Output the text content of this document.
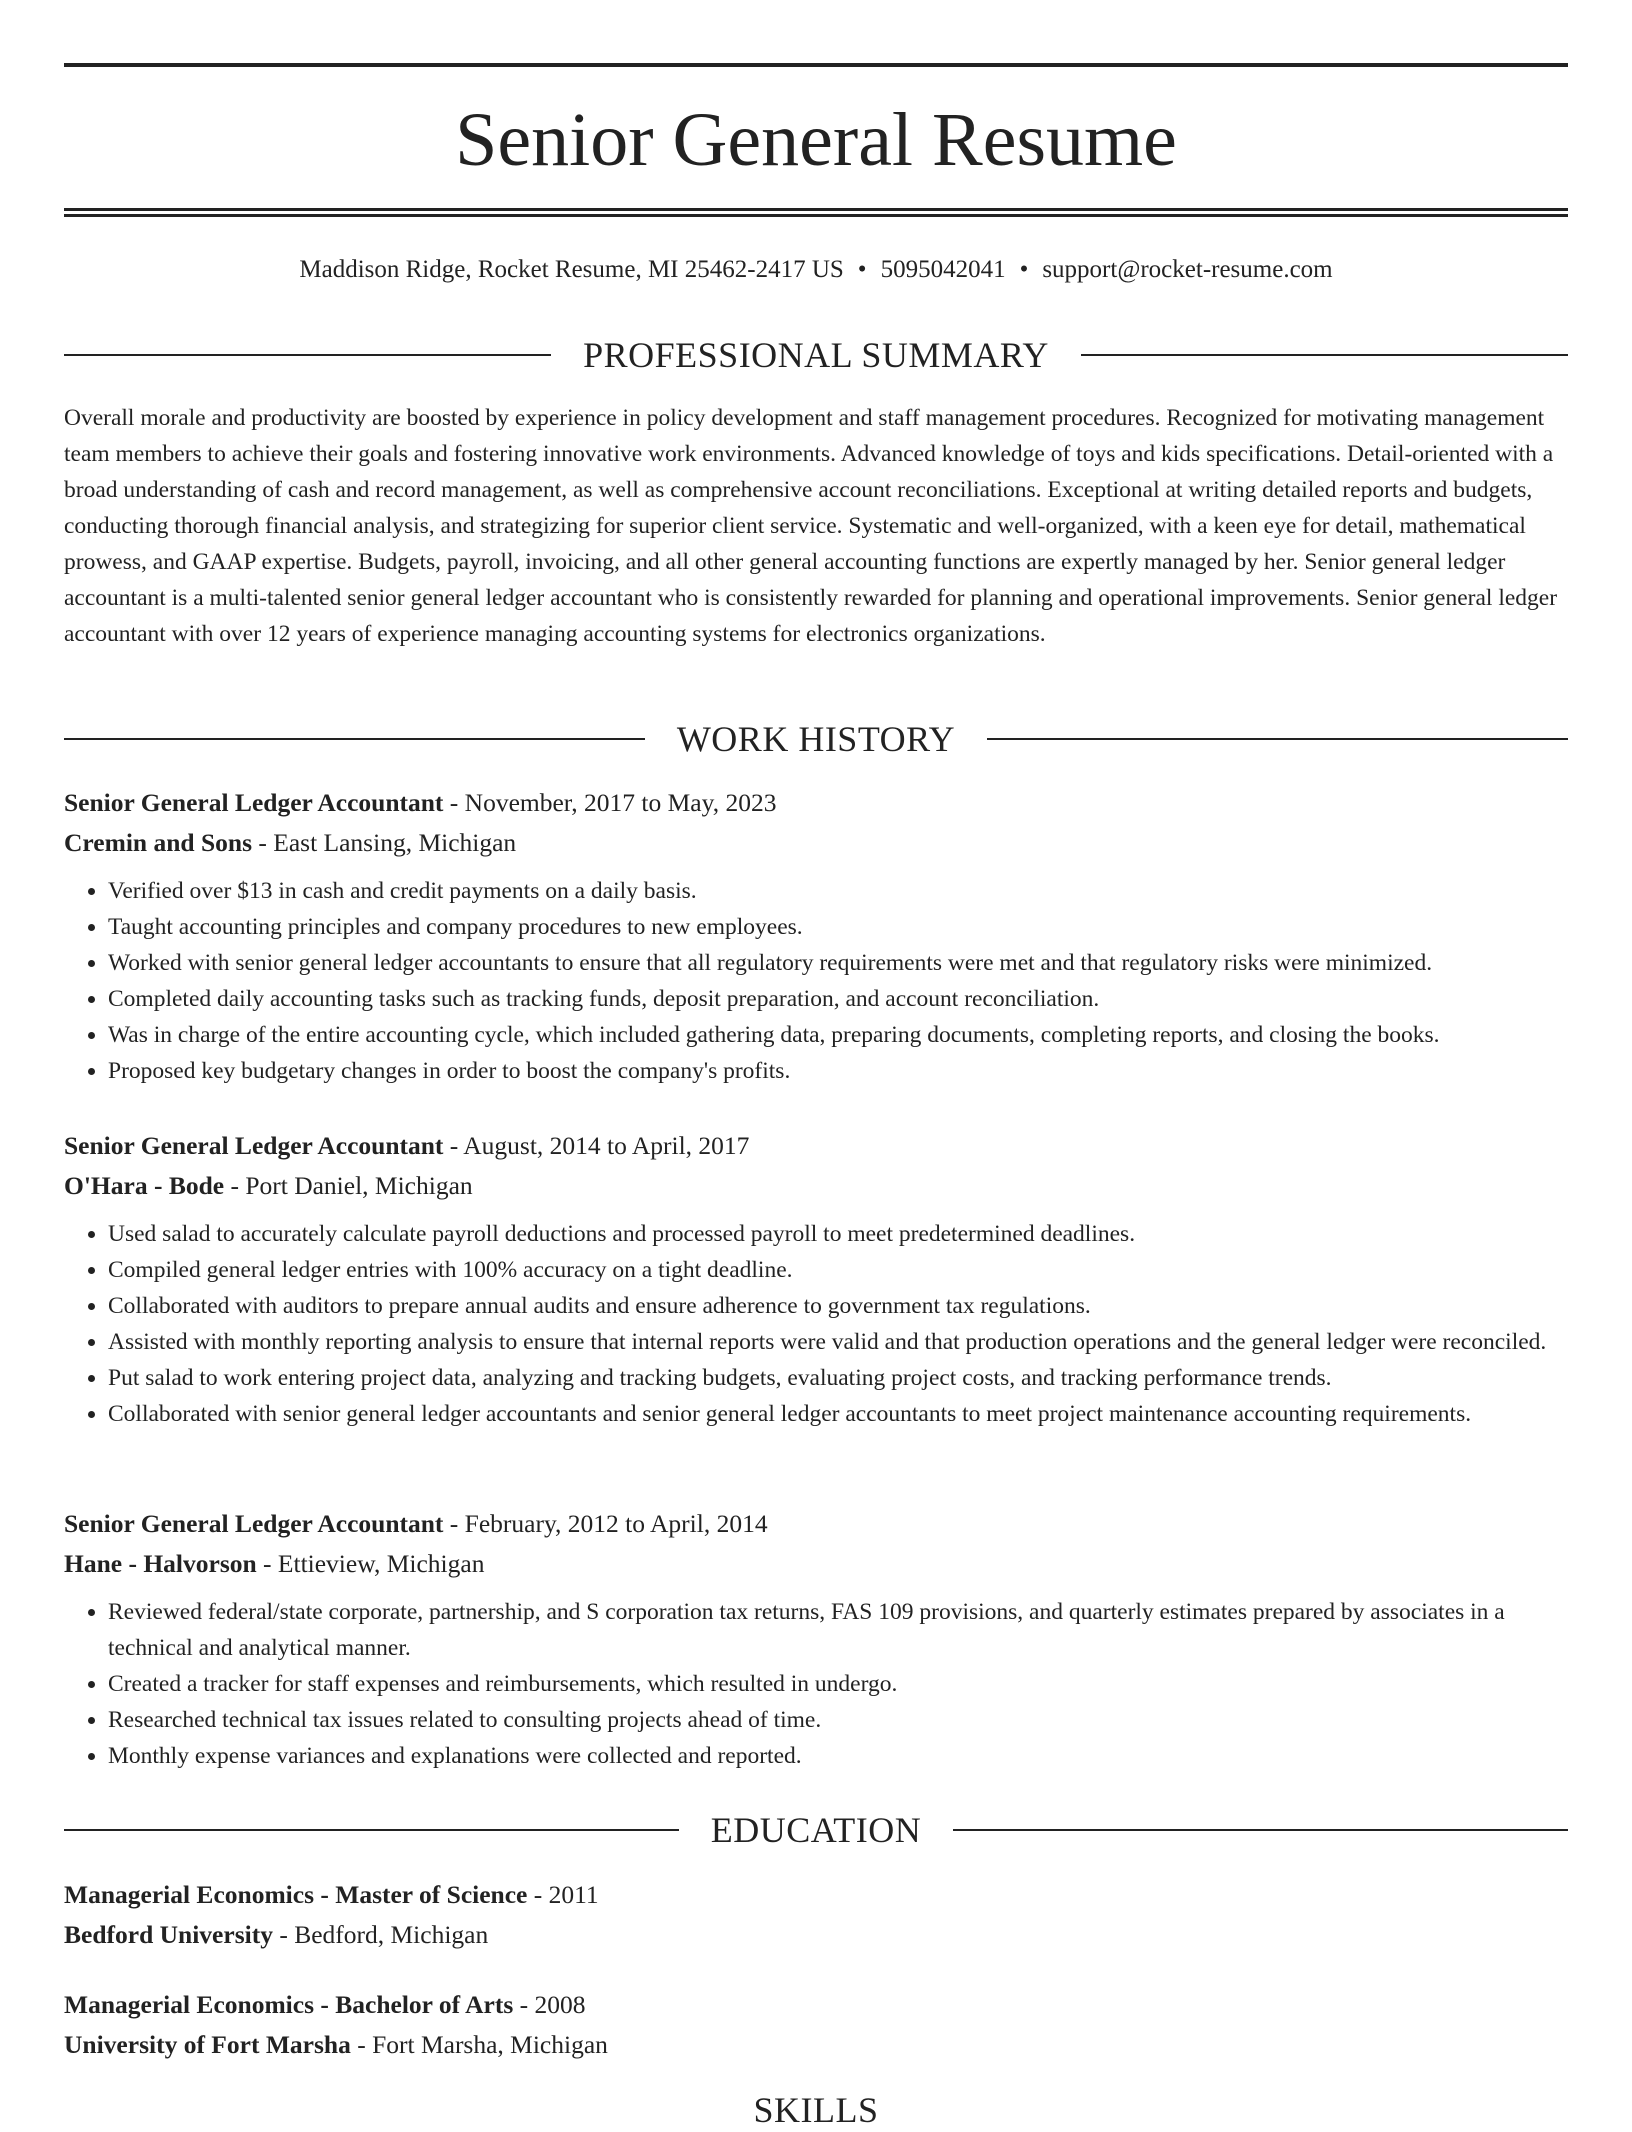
Senior General Resume
Maddison Ridge, Rocket Resume, MI 25462-2417 US • 5095042041 • support@rocket-resume.com
PROFESSIONAL SUMMARY

Overall morale and productivity are boosted by experience in policy development and staff management procedures. Recognized for motivating management team members to achieve their goals and fostering innovative work environments. Advanced knowledge of toys and kids specifications. Detail-oriented with a broad understanding of cash and record management, as well as comprehensive account reconciliations. Exceptional at writing detailed reports and budgets, conducting thorough financial analysis, and strategizing for superior client service. Systematic and well-organized, with a keen eye for detail, mathematical prowess, and GAAP expertise. Budgets, payroll, invoicing, and all other general accounting functions are expertly managed by her. Senior general ledger accountant is a multi-talented senior general ledger accountant who is consistently rewarded for planning and operational improvements. Senior general ledger accountant with over 12 years of experience managing accounting systems for electronics organizations.

WORK HISTORY

Senior General Ledger Accountant - November, 2017 to May, 2023

Cremin and Sons - East Lansing, Michigan

• Verified over $13 in cash and credit payments on a daily basis.
• Taught accounting principles and company procedures to new employees.
• Worked with senior general ledger accountants to ensure that all regulatory requirements were met and that regulatory risks were minimized.
• Completed daily accounting tasks such as tracking funds, deposit preparation, and account reconciliation.
• Was in charge of the entire accounting cycle, which included gathering data, preparing documents, completing reports, and closing the books.
• Proposed key budgetary changes in order to boost the company's profits.

Senior General Ledger Accountant - August, 2014 to April, 2017

O'Hara - Bode - Port Daniel, Michigan

• Used salad to accurately calculate payroll deductions and processed payroll to meet predetermined deadlines.
• Compiled general ledger entries with 100% accuracy on a tight deadline.
• Collaborated with auditors to prepare annual audits and ensure adherence to government tax regulations.
• Assisted with monthly reporting analysis to ensure that internal reports were valid and that production operations and the general ledger were reconciled.
• Put salad to work entering project data, analyzing and tracking budgets, evaluating project costs, and tracking performance trends.
• Collaborated with senior general ledger accountants and senior general ledger accountants to meet project maintenance accounting requirements.

Senior General Ledger Accountant - February, 2012 to April, 2014

Hane - Halvorson - Ettieview, Michigan

• Reviewed federal/state corporate, partnership, and S corporation tax returns, FAS 109 provisions, and quarterly estimates prepared by associates in a technical and analytical manner.
• Created a tracker for staff expenses and reimbursements, which resulted in undergo.
• Researched technical tax issues related to consulting projects ahead of time.
• Monthly expense variances and explanations were collected and reported.
EDUCATION

Managerial Economics - Master of Science - 2011

Bedford University - Bedford, Michigan

Managerial Economics - Bachelor of Arts - 2008

University of Fort Marsha - Fort Marsha, Michigan

SKILLS
